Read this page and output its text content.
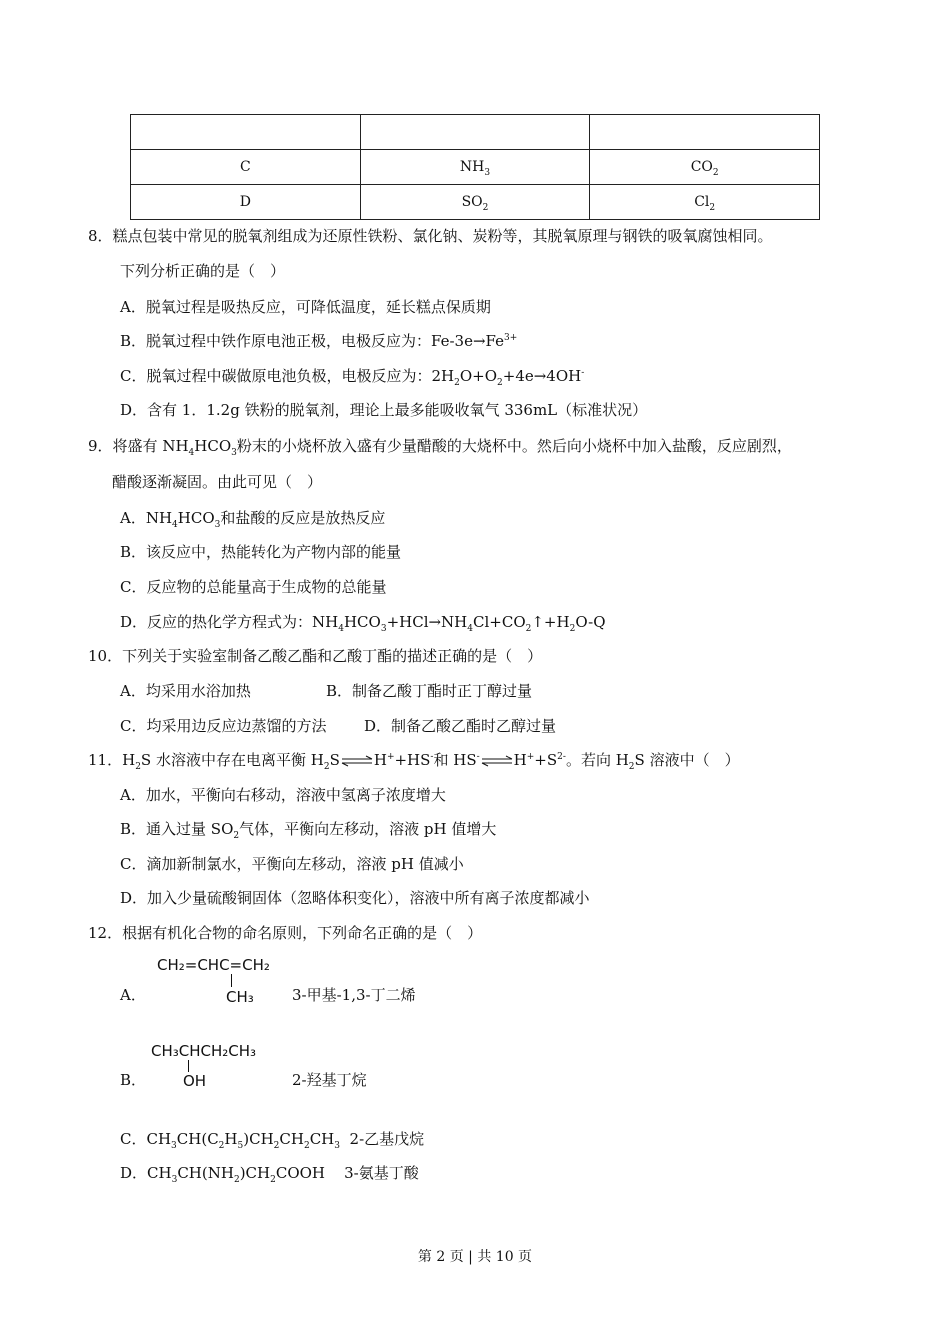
C	$NH_3$	$CO_2$
D	$SO_2$	$Cl_2$
8．糕点包装中常见的脱氧剂组成为还原性铁粉、氯化钠、炭粉等，其脱氧原理与钢铁的吸氧腐蚀相同。
下列分析正确的是（　）
A．脱氧过程是吸热反应，可降低温度，延长糕点保质期
B．脱氧过程中铁作原电池正极，电极反应为：$Fe-3e\to Fe^{3+}$
C．脱氧过程中碳做原电池负极，电极反应为：$2H_2O+O_2+4e\to 4OH^-$
D．含有 1．1.2g 铁粉的脱氧剂，理论上最多能吸收氧气 336mL（标准状况）
9．将盛有 $NH_4HCO_3$粉末的小烧杯放入盛有少量醋酸的大烧杯中。然后向小烧杯中加入盐酸，反应剧烈，
醋酸逐渐凝固。由此可见（　）
A．$NH_4HCO_3$和盐酸的反应是放热反应
B．该反应中，热能转化为产物内部的能量
C．反应物的总能量高于生成物的总能量
D．反应的热化学方程式为：$NH_4HCO_3+HCl\to NH_4Cl+CO_2↑+H_2O-Q$
10．下列关于实验室制备乙酸乙酯和乙酸丁酯的描述正确的是（　）
A．均采用水浴加热	B．制备乙酸丁酯时正丁醇过量
C．均采用边反应边蒸馏的方法	D．制备乙酸乙酯时乙醇过量
11．$H_2S$ 水溶液中存在电离平衡 $H_2S\rightleftharpoons H^++HS^-$和 $HS^-\rightleftharpoons H^++S^{2-}$。若向 $H_2S$ 溶液中（　）
A．加水，平衡向右移动，溶液中氢离子浓度增大
B．通入过量 $SO_2$气体，平衡向左移动，溶液 pH 值增大
C．滴加新制氯水，平衡向左移动，溶液 pH 值减小
D．加入少量硫酸铜固体（忽略体积变化），溶液中所有离子浓度都减小
12．根据有机化合物的命名原则，下列命名正确的是（　）
A．
CH₂=CHC=CH₂
CH₃	3-甲基-1,3-丁二烯
B．
CH₃CHCH₂CH₃
OH	2-羟基丁烷
C．$CH_3CH(C_2H_5)CH_2CH_2CH_3$ 2-乙基戊烷
D．$CH_3CH(NH_2)CH_2COOH$ 3-氨基丁酸
第 2 页 | 共 10 页
